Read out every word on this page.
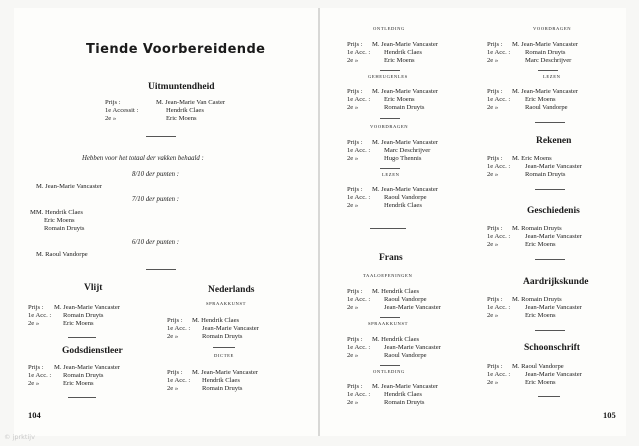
Tiende Voorbereidende
Uitmuntendheid
Prijs :	M. Jean-Marie Van Caster
1e Accessit :	Hendrik Claes
2e »	Eric Moens
Hebben voor het totaal der vakken behaald :
8/10 der punten :
M. Jean-Marie Vancaster
7/10 der punten :
MM. Hendrik Claes
Eric Moens
Romain Druyts
6/10 der punten :
M. Raoul Vandorpe
Vlijt
Prijs : M. Jean-Marie Vancaster
1e Acc. : Romain Druyts
2e »	Eric Moens
Godsdienstleer
Prijs : M. Jean-Marie Vancaster
1e Acc. : Romain Druyts
2e »	Eric Moens
Nederlands
SPRAAKKUNST
Prijs : M. Hendrik Claes
1e Acc. : Jean-Marie Vancaster
2e »	Romain Druyts
DICTEE
Prijs : M. Jean-Marie Vancaster
1e Acc. : Hendrik Claes
2e »	Romain Druyts
104
ONTLEDING
Prijs : M. Jean-Marie Vancaster
1e Acc. : Hendrik Claes
2e »	Eric Moens
GEHEUGENLES
Prijs : M. Jean-Marie Vancaster
1e Acc. : Eric Moens
2e »	Romain Druyts
VOORDRAGEN
Prijs : M. Jean-Marie Vancaster
1e Acc. : Marc Deschrijver
2e »	Hugo Thennis
LEZEN
Prijs : M. Jean-Marie Vancaster
1e Acc. : Raoul Vandorpe
2e »	Hendrik Claes
Frans
TAALOEFENINGEN
Prijs : M. Hendrik Claes
1e Acc. : Raoul Vandorpe
2e »	Jean-Marie Vancaster
SPRAAKKUNST
Prijs : M. Hendrik Claes
1e Acc. : Jean-Marie Vancaster
2e »	Raoul Vandorpe
ONTLEDING
Prijs : M. Jean-Marie Vancaster
1e Acc. : Hendrik Claes
2e »	Romain Druyts
VOORDRAGEN
Prijs : M. Jean-Marie Vancaster
1e Acc. : Romain Druyts
2e »	Marc Deschrijver
LEZEN
Prijs : M. Jean-Marie Vancaster
1e Acc. : Eric Moens
2e »	Raoul Vandorpe
Rekenen
Prijs : M. Eric Moens
1e Acc. : Jean-Marie Vancaster
2e »	Romain Druyts
Geschiedenis
Prijs : M. Romain Druyts
1e Acc. : Jean-Marie Vancaster
2e »	Eric Moens
Aardrijkskunde
Prijs : M. Romain Druyts
1e Acc. : Jean-Marie Vancaster
2e »	Eric Moens
Schoonschrift
Prijs : M. Raoul Vandorpe
1e Acc. : Jean-Marie Vancaster
2e »	Eric Moens
105
© jprktijv
